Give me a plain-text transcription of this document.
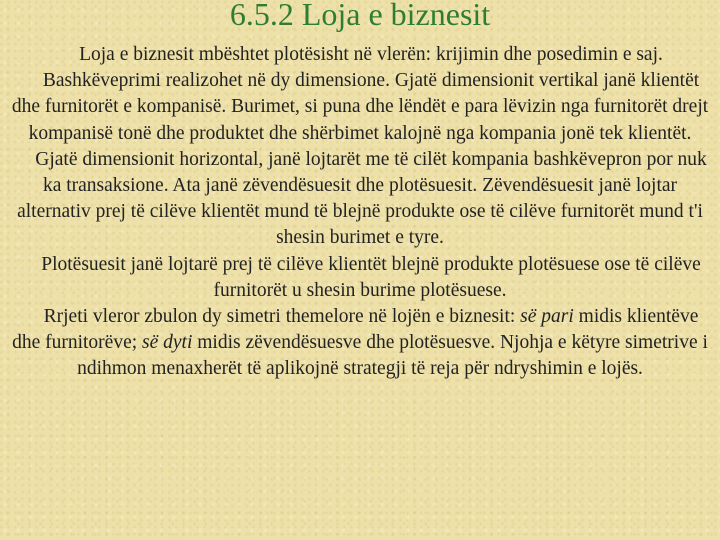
6.5.2 Loja e biznesit

Loja e biznesit mbështet plotësisht në vlerën: krijimin dhe posedimin e saj.

Bashkëveprimi realizohet në dy dimensione. Gjatë dimensionit vertikal janë klientët dhe furnitorët e kompanisë. Burimet, si puna dhe lëndët e para lëvizin nga furnitorët drejt kompanisë tonë dhe produktet dhe shërbimet kalojnë nga kompania jonë tek klientët.

Gjatë dimensionit horizontal, janë lojtarët me të cilët kompania bashkëvepron por nuk ka transaksione. Ata janë zëvendësuesit dhe plotësuesit. Zëvendësuesit janë lojtar alternativ prej të cilëve klientët mund të blejnë produkte ose të cilëve furnitorët mund t'i shesin burimet e tyre.

Plotësuesit janë lojtarë prej të cilëve klientët blejnë produkte plotësuese ose të cilëve furnitorët u shesin burime plotësuese.

Rrjeti vleror zbulon dy simetri themelore në lojën e biznesit: së pari midis klientëve dhe furnitorëve; së dyti midis zëvendësuesve dhe plotësuesve. Njohja e këtyre simetrive i ndihmon menaxherët të aplikojnë strategji të reja për ndryshimin e lojës.
